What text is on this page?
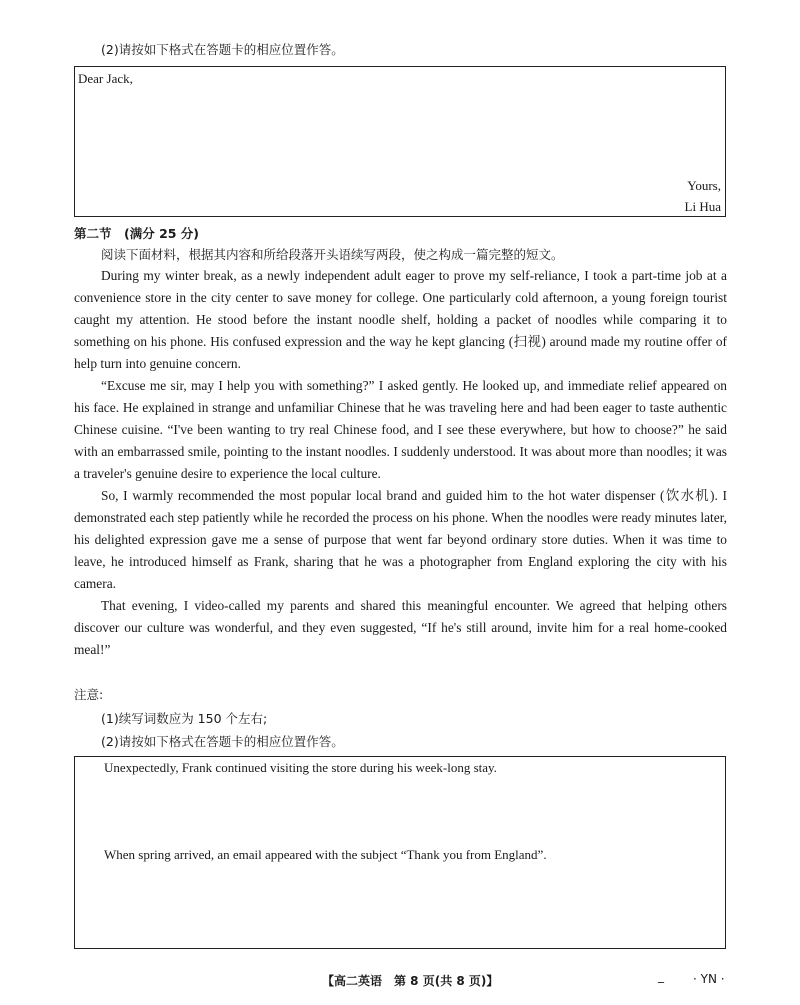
(2)请按如下格式在答题卡的相应位置作答。
Dear Jack,
Yours,
Li Hua
第二节　(满分 25 分)
阅读下面材料，根据其内容和所给段落开头语续写两段，使之构成一篇完整的短文。

During my winter break, as a newly independent adult eager to prove my self-reliance, I took a part-time job at a convenience store in the city center to save money for college. One particularly cold afternoon, a young foreign tourist caught my attention. He stood before the instant noodle shelf, holding a packet of noodles while comparing it to something on his phone. His confused expression and the way he kept glancing (扫视) around made my routine offer of help turn into genuine concern.

“Excuse me sir, may I help you with something?” I asked gently. He looked up, and immediate relief appeared on his face. He explained in strange and unfamiliar Chinese that he was traveling here and had been eager to taste authentic Chinese cuisine. “I've been wanting to try real Chinese food, and I see these everywhere, but how to choose?” he said with an embarrassed smile, pointing to the instant noodles. I suddenly understood. It was about more than noodles; it was a traveler's genuine desire to experience the local culture.

So, I warmly recommended the most popular local brand and guided him to the hot water dispenser (饮水机). I demonstrated each step patiently while he recorded the process on his phone. When the noodles were ready minutes later, his delighted expression gave me a sense of purpose that went far beyond ordinary store duties. When it was time to leave, he introduced himself as Frank, sharing that he was a photographer from England exploring the city with his camera.

That evening, I video-called my parents and shared this meaningful encounter. We agreed that helping others discover our culture was wonderful, and they even suggested, “If he's still around, invite him for a real home-cooked meal!”

注意:
(1)续写词数应为 150 个左右;
(2)请按如下格式在答题卡的相应位置作答。
Unexpectedly, Frank continued visiting the store during his week-long stay.
When spring arrived, an email appeared with the subject “Thank you from England”.
【高二英语　第 8 页(共 8 页)】	_ · YN ·
